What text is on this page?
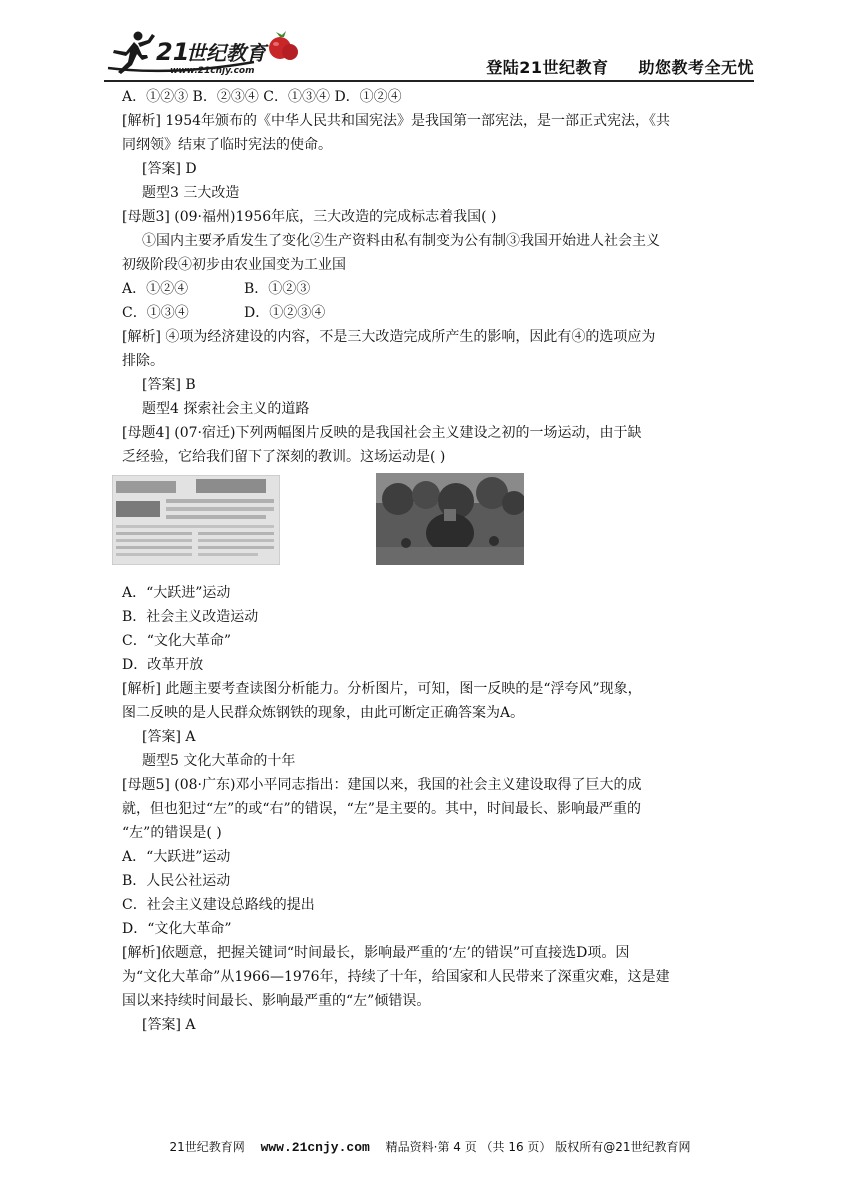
21
世纪教育
www.21cnjy.com	登陆21世纪教育 助您教考全无忧
A．①②③ B．②③④ C．①③④ D．①②④
[解析] 1954年颁布的《中华人民共和国宪法》是我国第一部宪法，是一部正式宪法，《共
同纲领》结束了临时宪法的使命。
[答案] D
题型3 三大改造
[母题3] (09·福州)1956年底，三大改造的完成标志着我国( )
①国内主要矛盾发生了变化②生产资料由私有制变为公有制③我国开始进人社会主义
初级阶段④初步由农业国变为工业国
A．①②④	B．①②③
C．①③④	D．①②③④
[解析] ④项为经济建设的内容，不是三大改造完成所产生的影响，因此有④的选项应为
排除。
[答案] B
题型4 探索社会主义的道路
[母题4] (07·宿迁)下列两幅图片反映的是我国社会主义建设之初的一场运动，由于缺
乏经验，它给我们留下了深刻的教训。这场运动是( )
A．“大跃进”运动
B．社会主义改造运动
C．“文化大革命”
D．改革开放
[解析] 此题主要考查读图分析能力。分析图片，可知，图一反映的是“浮夸风”现象，
图二反映的是人民群众炼钢铁的现象，由此可断定正确答案为A。
[答案] A
题型5 文化大革命的十年
[母题5] (08·广东)邓小平同志指出：建国以来，我国的社会主义建设取得了巨大的成
就，但也犯过“左”的或“右”的错误，“左”是主要的。其中，时间最长、影响最严重的
“左”的错误是( )
A．“大跃进”运动
B．人民公社运动
C．社会主义建设总路线的提出
D．“文化大革命”
[解析]依题意，把握关键词“时间最长，影响最严重的‘左’的错误”可直接选D项。因
为“文化大革命”从1966—1976年，持续了十年，给国家和人民带来了深重灾难，这是建
国以来持续时间最长、影响最严重的“左”倾错误。
[答案] A
21世纪教育网 www.21cnjy.com 精品资料·第 4 页 （共 16 页） 版权所有@21世纪教育网
